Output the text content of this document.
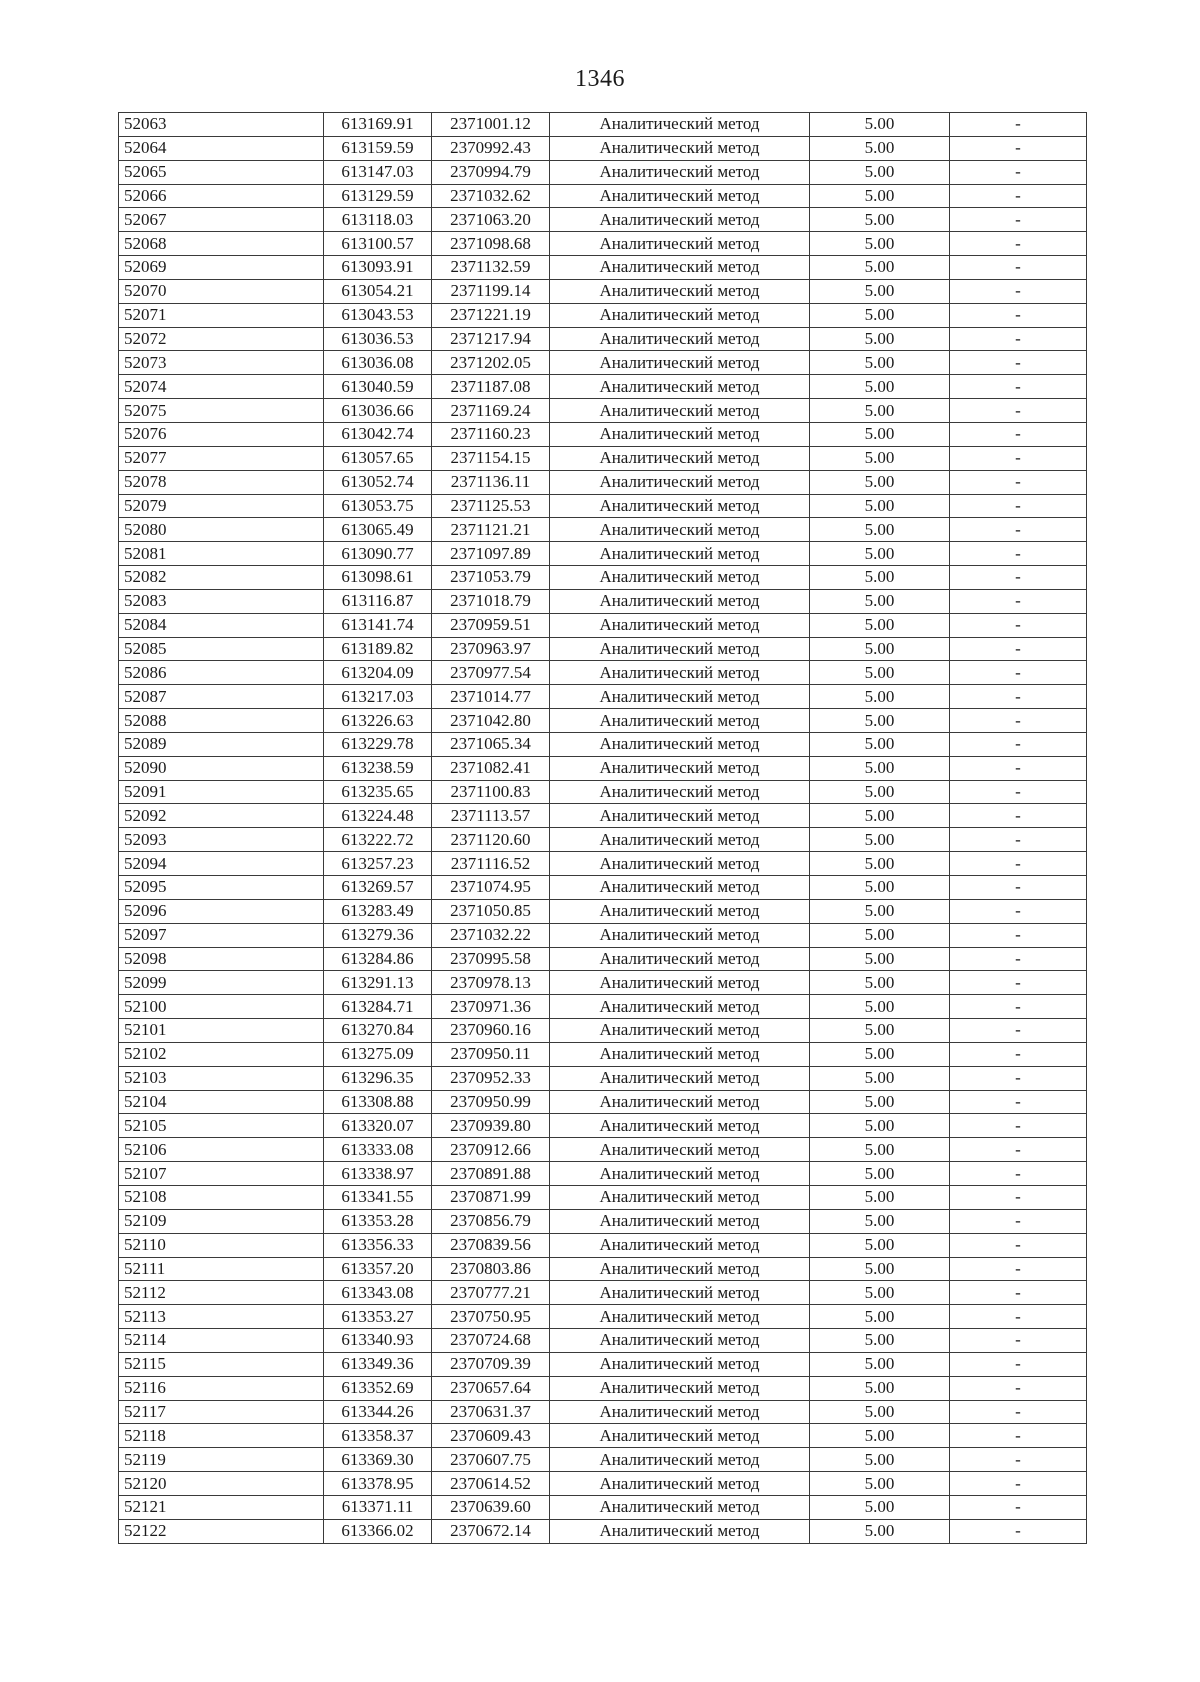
1346
52063	613169.91	2371001.12	Аналитический метод	5.00	-
52064	613159.59	2370992.43	Аналитический метод	5.00	-
52065	613147.03	2370994.79	Аналитический метод	5.00	-
52066	613129.59	2371032.62	Аналитический метод	5.00	-
52067	613118.03	2371063.20	Аналитический метод	5.00	-
52068	613100.57	2371098.68	Аналитический метод	5.00	-
52069	613093.91	2371132.59	Аналитический метод	5.00	-
52070	613054.21	2371199.14	Аналитический метод	5.00	-
52071	613043.53	2371221.19	Аналитический метод	5.00	-
52072	613036.53	2371217.94	Аналитический метод	5.00	-
52073	613036.08	2371202.05	Аналитический метод	5.00	-
52074	613040.59	2371187.08	Аналитический метод	5.00	-
52075	613036.66	2371169.24	Аналитический метод	5.00	-
52076	613042.74	2371160.23	Аналитический метод	5.00	-
52077	613057.65	2371154.15	Аналитический метод	5.00	-
52078	613052.74	2371136.11	Аналитический метод	5.00	-
52079	613053.75	2371125.53	Аналитический метод	5.00	-
52080	613065.49	2371121.21	Аналитический метод	5.00	-
52081	613090.77	2371097.89	Аналитический метод	5.00	-
52082	613098.61	2371053.79	Аналитический метод	5.00	-
52083	613116.87	2371018.79	Аналитический метод	5.00	-
52084	613141.74	2370959.51	Аналитический метод	5.00	-
52085	613189.82	2370963.97	Аналитический метод	5.00	-
52086	613204.09	2370977.54	Аналитический метод	5.00	-
52087	613217.03	2371014.77	Аналитический метод	5.00	-
52088	613226.63	2371042.80	Аналитический метод	5.00	-
52089	613229.78	2371065.34	Аналитический метод	5.00	-
52090	613238.59	2371082.41	Аналитический метод	5.00	-
52091	613235.65	2371100.83	Аналитический метод	5.00	-
52092	613224.48	2371113.57	Аналитический метод	5.00	-
52093	613222.72	2371120.60	Аналитический метод	5.00	-
52094	613257.23	2371116.52	Аналитический метод	5.00	-
52095	613269.57	2371074.95	Аналитический метод	5.00	-
52096	613283.49	2371050.85	Аналитический метод	5.00	-
52097	613279.36	2371032.22	Аналитический метод	5.00	-
52098	613284.86	2370995.58	Аналитический метод	5.00	-
52099	613291.13	2370978.13	Аналитический метод	5.00	-
52100	613284.71	2370971.36	Аналитический метод	5.00	-
52101	613270.84	2370960.16	Аналитический метод	5.00	-
52102	613275.09	2370950.11	Аналитический метод	5.00	-
52103	613296.35	2370952.33	Аналитический метод	5.00	-
52104	613308.88	2370950.99	Аналитический метод	5.00	-
52105	613320.07	2370939.80	Аналитический метод	5.00	-
52106	613333.08	2370912.66	Аналитический метод	5.00	-
52107	613338.97	2370891.88	Аналитический метод	5.00	-
52108	613341.55	2370871.99	Аналитический метод	5.00	-
52109	613353.28	2370856.79	Аналитический метод	5.00	-
52110	613356.33	2370839.56	Аналитический метод	5.00	-
52111	613357.20	2370803.86	Аналитический метод	5.00	-
52112	613343.08	2370777.21	Аналитический метод	5.00	-
52113	613353.27	2370750.95	Аналитический метод	5.00	-
52114	613340.93	2370724.68	Аналитический метод	5.00	-
52115	613349.36	2370709.39	Аналитический метод	5.00	-
52116	613352.69	2370657.64	Аналитический метод	5.00	-
52117	613344.26	2370631.37	Аналитический метод	5.00	-
52118	613358.37	2370609.43	Аналитический метод	5.00	-
52119	613369.30	2370607.75	Аналитический метод	5.00	-
52120	613378.95	2370614.52	Аналитический метод	5.00	-
52121	613371.11	2370639.60	Аналитический метод	5.00	-
52122	613366.02	2370672.14	Аналитический метод	5.00	-
